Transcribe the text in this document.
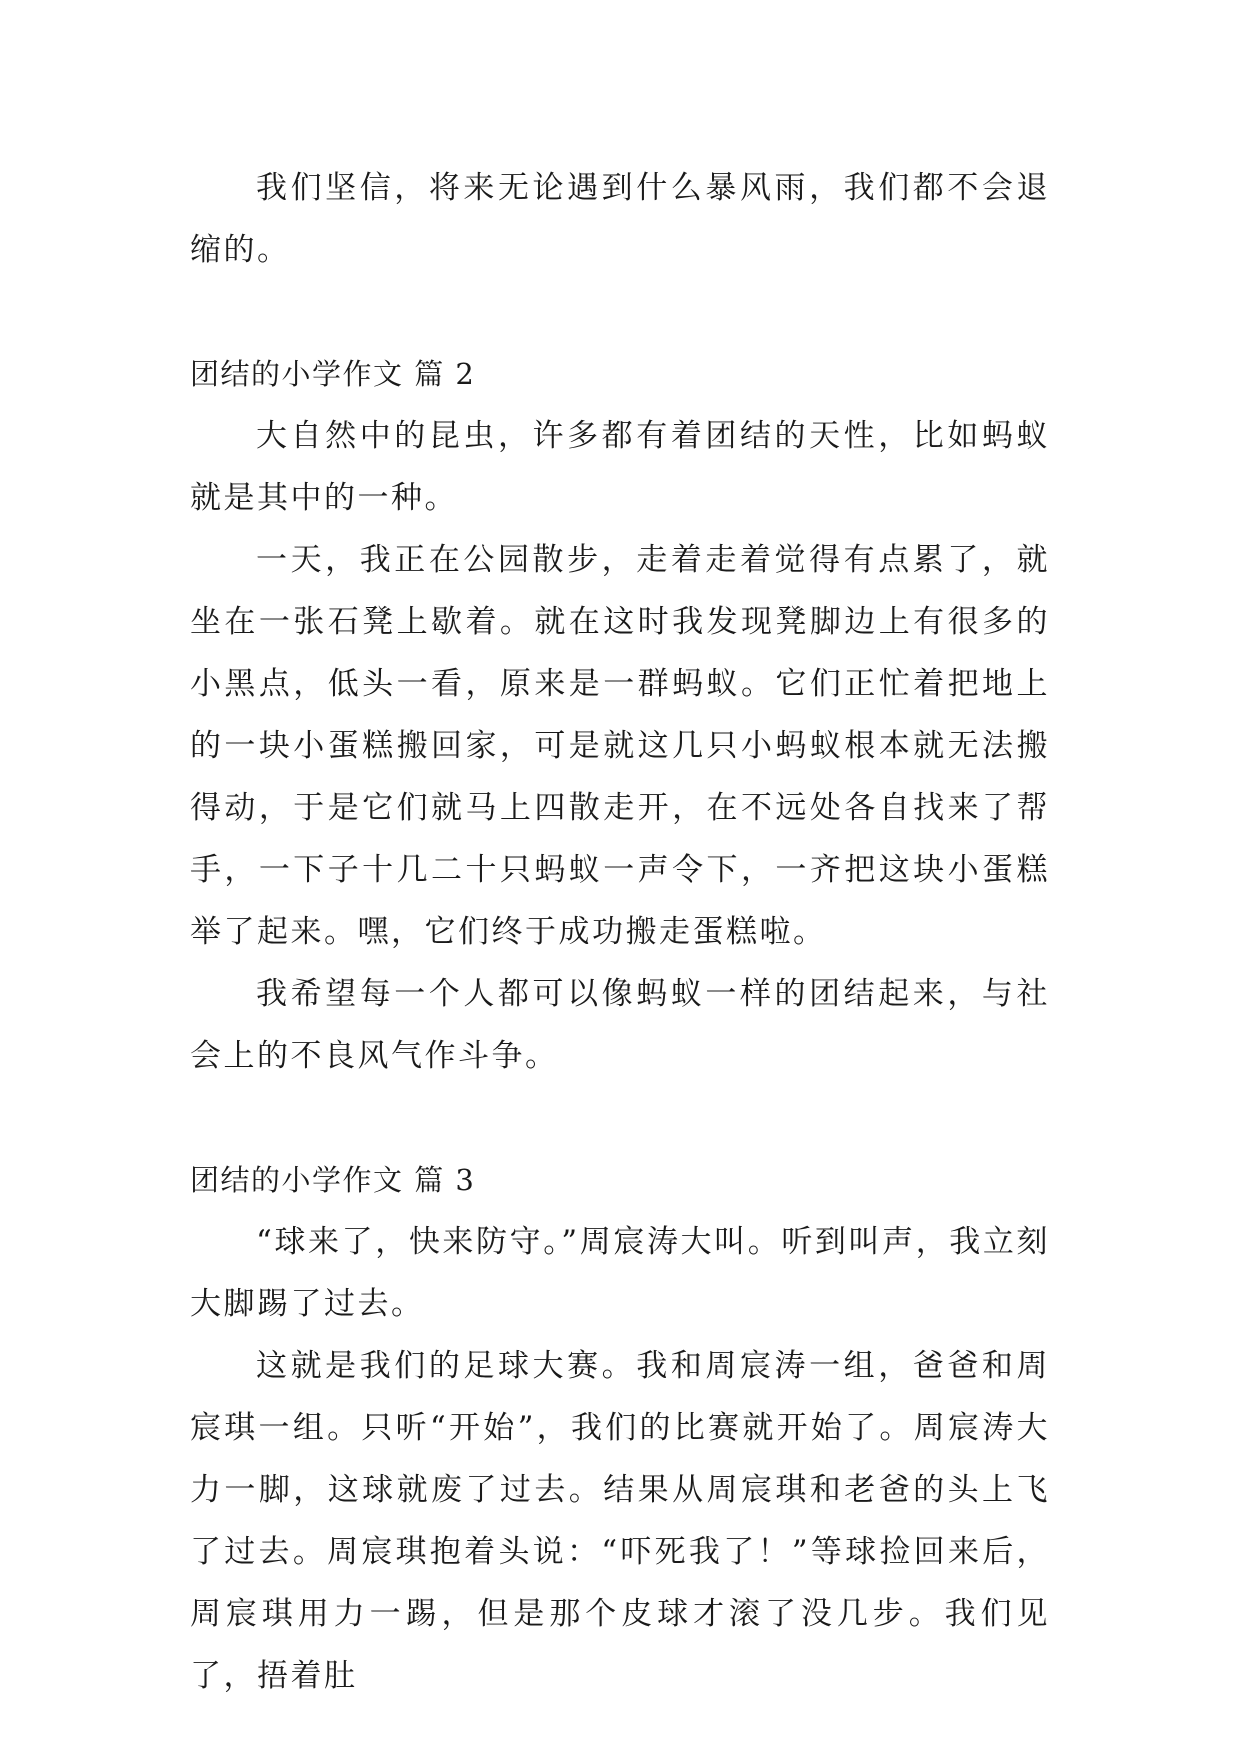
我们坚信，将来无论遇到什么暴风雨，我们都不会退缩的。

团结的小学作文 篇 2

大自然中的昆虫，许多都有着团结的天性，比如蚂蚁就是其中的一种。

一天，我正在公园散步，走着走着觉得有点累了，就坐在一张石凳上歇着。就在这时我发现凳脚边上有很多的小黑点，低头一看，原来是一群蚂蚁。它们正忙着把地上的一块小蛋糕搬回家，可是就这几只小蚂蚁根本就无法搬得动，于是它们就马上四散走开，在不远处各自找来了帮手，一下子十几二十只蚂蚁一声令下，一齐把这块小蛋糕举了起来。嘿，它们终于成功搬走蛋糕啦。

我希望每一个人都可以像蚂蚁一样的团结起来，与社会上的不良风气作斗争。

团结的小学作文 篇 3

“球来了，快来防守。”周宸涛大叫。听到叫声，我立刻大脚踢了过去。

这就是我们的足球大赛。我和周宸涛一组，爸爸和周宸琪一组。只听“开始”，我们的比赛就开始了。周宸涛大力一脚，这球就废了过去。结果从周宸琪和老爸的头上飞了过去。周宸琪抱着头说：“吓死我了！”等球捡回来后，周宸琪用力一踢，但是那个皮球才滚了没几步。我们见了，捂着肚
